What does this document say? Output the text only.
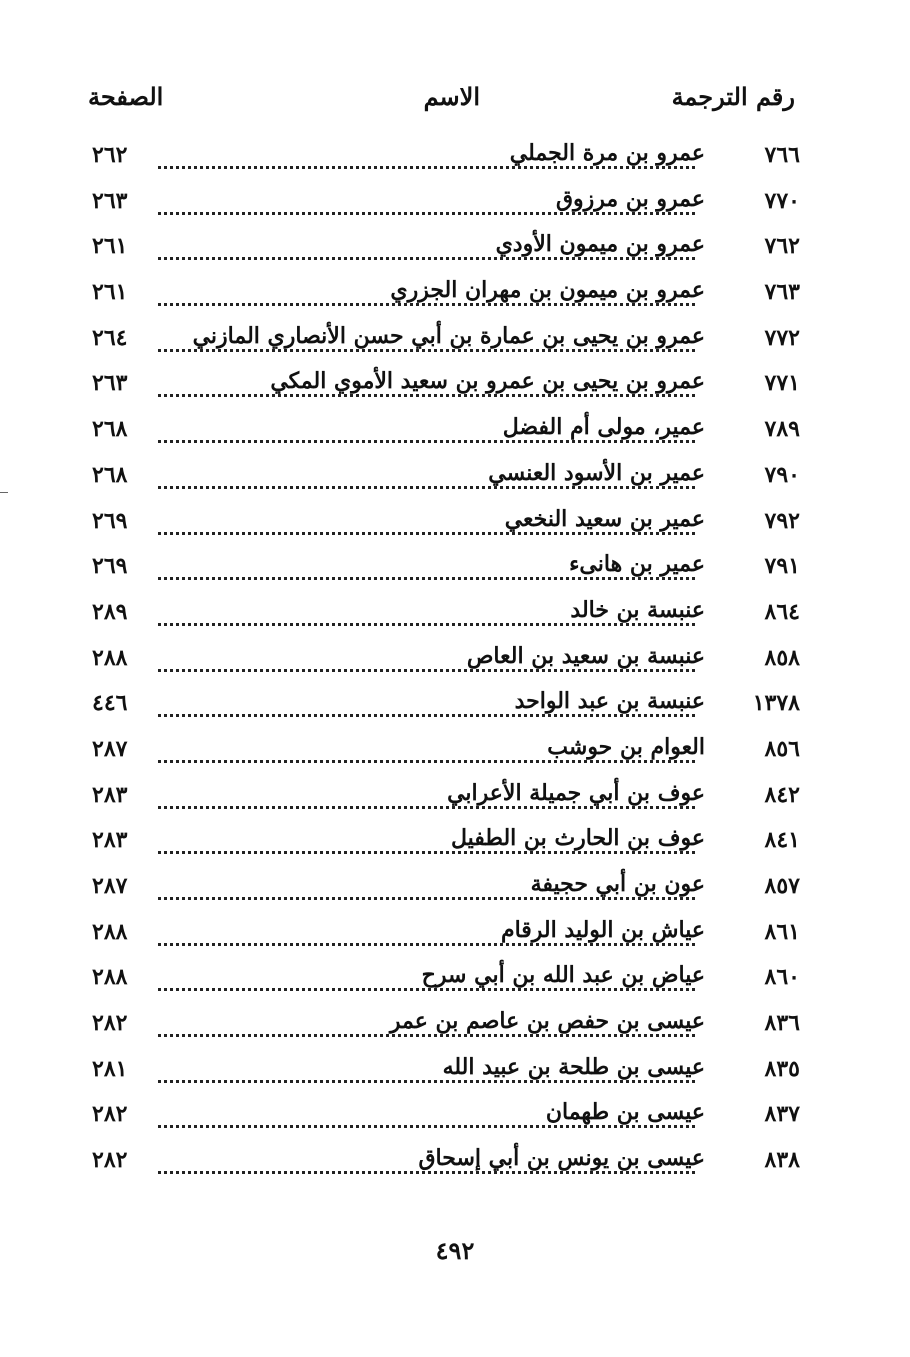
رقم الترجمة
الاسم
الصفحة
٧٦٦
عمرو بن مرة الجملي
٢٦٢
٧٧٠
عمرو بن مرزوق
٢٦٣
٧٦٢
عمرو بن ميمون الأودي
٢٦١
٧٦٣
عمرو بن ميمون بن مهران الجزري
٢٦١
٧٧٢
عمرو بن يحيى بن عمارة بن أبي حسن الأنصاري المازني
٢٦٤
٧٧١
عمرو بن يحيى بن عمرو بن سعيد الأموي المكي
٢٦٣
٧٨٩
عمير، مولى أم الفضل
٢٦٨
٧٩٠
عمير بن الأسود العنسي
٢٦٨
٧٩٢
عمير بن سعيد النخعي
٢٦٩
٧٩١
عمير بن هانىء
٢٦٩
٨٦٤
عنبسة بن خالد
٢٨٩
٨٥٨
عنبسة بن سعيد بن العاص
٢٨٨
١٣٧٨
عنبسة بن عبد الواحد
٤٤٦
٨٥٦
العوام بن حوشب
٢٨٧
٨٤٢
عوف بن أبي جميلة الأعرابي
٢٨٣
٨٤١
عوف بن الحارث بن الطفيل
٢٨٣
٨٥٧
عون بن أبي حجيفة
٢٨٧
٨٦١
عياش بن الوليد الرقام
٢٨٨
٨٦٠
عياض بن عبد الله بن أبي سرح
٢٨٨
٨٣٦
عيسى بن حفص بن عاصم بن عمر
٢٨٢
٨٣٥
عيسى بن طلحة بن عبيد الله
٢٨١
٨٣٧
عيسى بن طهمان
٢٨٢
٨٣٨
عيسى بن يونس بن أبي إسحاق
٢٨٢
٤٩٢
